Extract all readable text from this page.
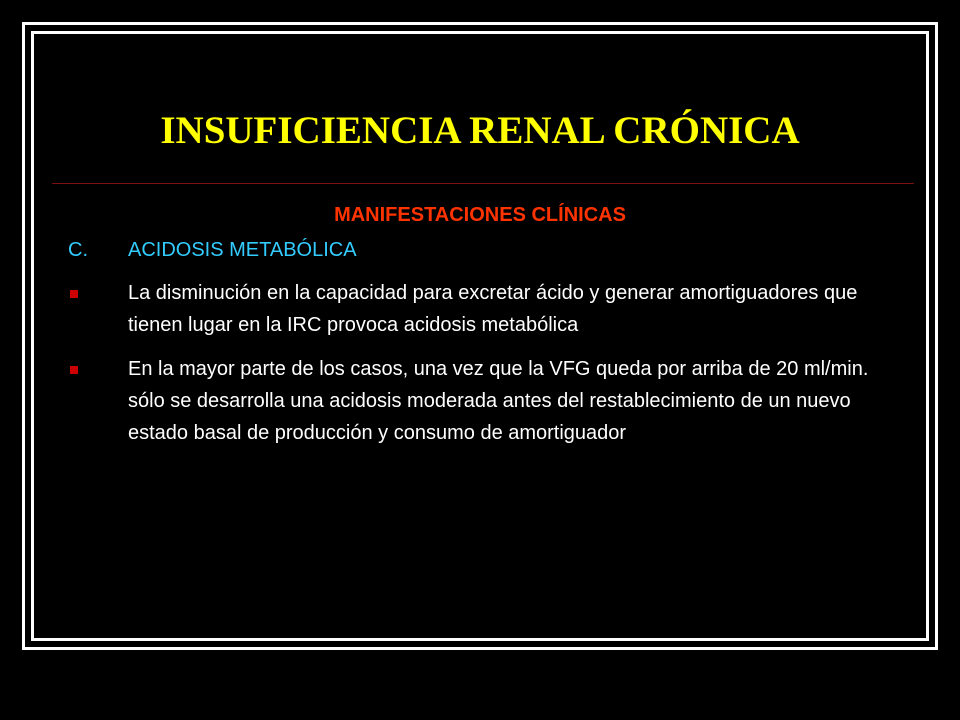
INSUFICIENCIA RENAL CRÓNICA

MANIFESTACIONES CLÍNICAS

C. ACIDOSIS METABÓLICA
La disminución en la capacidad para excretar ácido y generar amortiguadores que tienen lugar en la IRC provoca acidosis metabólica
En la mayor parte de los casos, una vez que la VFG queda por arriba de 20 ml/min. sólo se desarrolla una acidosis moderada antes del restablecimiento de un nuevo estado basal de producción y consumo de amortiguador
